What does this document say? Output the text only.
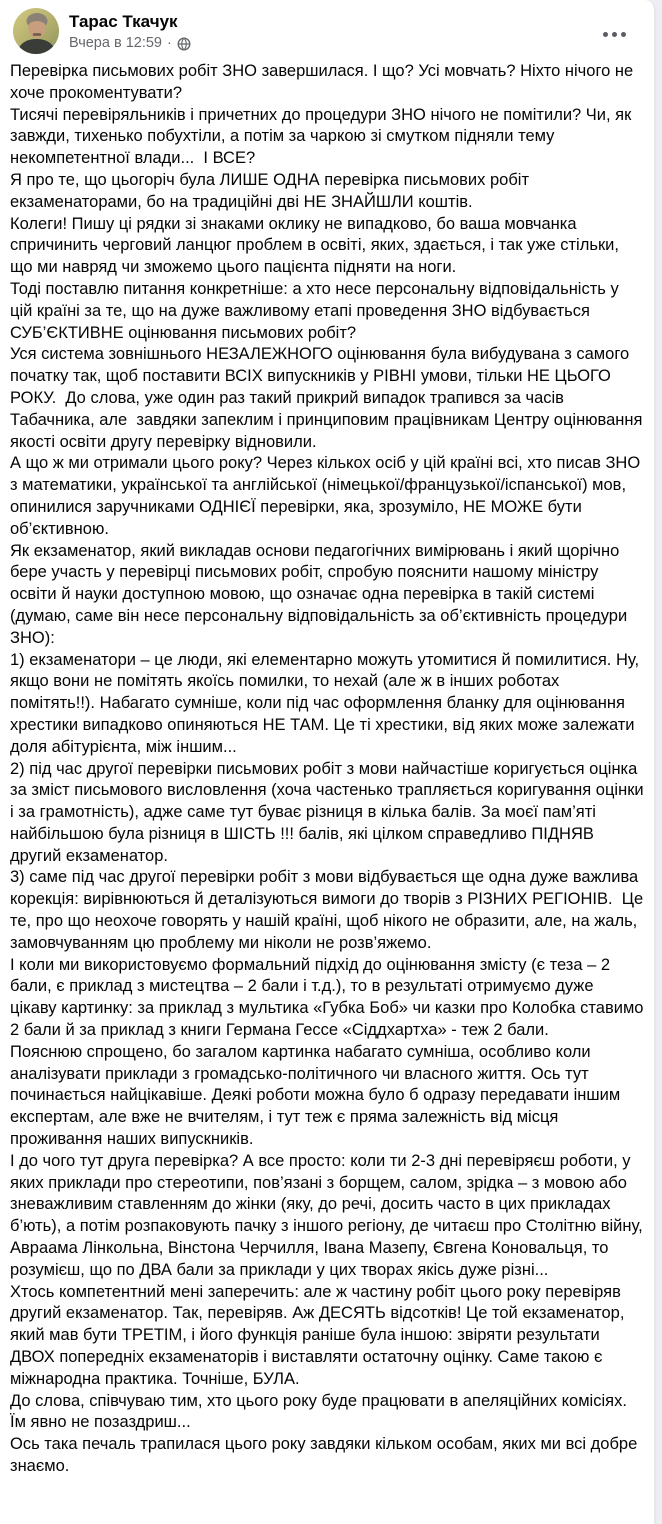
Тарас Ткачук
Вчера в 12:59 ·

Перевірка письмових робіт ЗНО завершилася. І що? Усі мовчать? Ніхто нічого не хоче прокоментувати?

Тисячі перевіряльників і причетних до процедури ЗНО нічого не помітили? Чи, як завжди, тихенько побухтіли, а потім за чаркою зі смутком підняли тему некомпетентної влади...  І ВСЕ?

Я про те, що цьогоріч була ЛИШЕ ОДНА перевірка письмових робіт екзаменаторами, бо на традиційні дві НЕ ЗНАЙШЛИ коштів.

Колеги! Пишу ці рядки зі знаками оклику не випадково, бо ваша мовчанка спричинить черговий ланцюг проблем в освіті, яких, здається, і так уже стільки, що ми навряд чи зможемо цього пацієнта підняти на ноги.

Тоді поставлю питання конкретніше: а хто несе персональну відповідальність у цій країні за те, що на дуже важливому етапі проведення ЗНО відбувається СУБ’ЄКТИВНЕ оцінювання письмових робіт?

Уся система зовнішнього НЕЗАЛЕЖНОГО оцінювання була вибудувана з самого початку так, щоб поставити ВСІХ випускників у РІВНІ умови, тільки НЕ ЦЬОГО РОКУ.  До слова, уже один раз такий прикрий випадок трапився за часів Табачника, але  завдяки запеклим і принциповим працівникам Центру оцінювання якості освіти другу перевірку відновили.

А що ж ми отримали цього року? Через кількох осіб у цій країні всі, хто писав ЗНО з математики, української та англійської (німецької/французької/іспанської) мов, опинилися заручниками ОДНІЄЇ перевірки, яка, зрозуміло, НЕ МОЖЕ бути об’єктивною.

Як екзаменатор, який викладав основи педагогічних вимірювань і який щорічно бере участь у перевірці письмових робіт, спробую пояснити нашому міністру освіти й науки доступною мовою, що означає одна перевірка в такій системі (думаю, саме він несе персональну відповідальність за об’єктивність процедури ЗНО):

1) екзаменатори – це люди, які елементарно можуть утомитися й помилитися. Ну, якщо вони не помітять якоїсь помилки, то нехай (але ж в інших роботах помітять!!). Набагато сумніше, коли під час оформлення бланку для оцінювання хрестики випадково опиняються НЕ ТАМ. Це ті хрестики, від яких може залежати доля абітурієнта, між іншим...

2) під час другої перевірки письмових робіт з мови найчастіше коригується оцінка за зміст письмового висловлення (хоча частенько трапляється коригування оцінки і за грамотність), адже саме тут буває різниця в кілька балів. За моєї пам’яті найбільшою була різниця в ШІСТЬ !!! балів, які цілком справедливо ПІДНЯВ другий екзаменатор.

3) саме під час другої перевірки робіт з мови відбувається ще одна дуже важлива корекція: вирівнюються й деталізуються вимоги до творів з РІЗНИХ РЕГІОНІВ.  Це те, про що неохоче говорять у нашій країні, щоб нікого не образити, але, на жаль, замовчуванням цю проблему ми ніколи не розв’яжемо.

І коли ми використовуємо формальний підхід до оцінювання змісту (є теза – 2 бали, є приклад з мистецтва – 2 бали і т.д.), то в результаті отримуємо дуже цікаву картинку: за приклад з мультика «Губка Боб» чи казки про Колобка ставимо 2 бали й за приклад з книги Германа Гессе «Сіддхартха» - теж 2 бали.

Пояснюю спрощено, бо загалом картинка набагато сумніша, особливо коли аналізувати приклади з громадсько-політичного чи власного життя. Ось тут починається найцікавіше. Деякі роботи можна було б одразу передавати іншим експертам, але вже не вчителям, і тут теж є пряма залежність від місця проживання наших випускників.

І до чого тут друга перевірка? А все просто: коли ти 2-3 дні перевіряєш роботи, у яких приклади про стереотипи, пов’язані з борщем, салом, зрідка – з мовою або зневажливим ставленням до жінки (яку, до речі, досить часто в цих прикладах б’ють), а потім розпаковують пачку з іншого регіону, де читаєш про Столітню війну, Авраама Лінкольна, Вінстона Черчилля, Івана Мазепу, Євгена Коновальця, то розумієш, що по ДВА бали за приклади у цих творах якісь дуже різні...

Хтось компетентний мені заперечить: але ж частину робіт цього року перевіряв другий екзаменатор. Так, перевіряв. Аж ДЕСЯТЬ відсотків! Це той екзаменатор, який мав бути ТРЕТІМ, і його функція раніше була іншою: звіряти результати ДВОХ попередніх екзаменаторів і виставляти остаточну оцінку. Саме такою є міжнародна практика. Точніше, БУЛА.

До слова, співчуваю тим, хто цього року буде працювати в апеляційних комісіях. Їм явно не позаздриш...

Ось така печаль трапилася цього року завдяки кільком особам, яких ми всі добре знаємо.
